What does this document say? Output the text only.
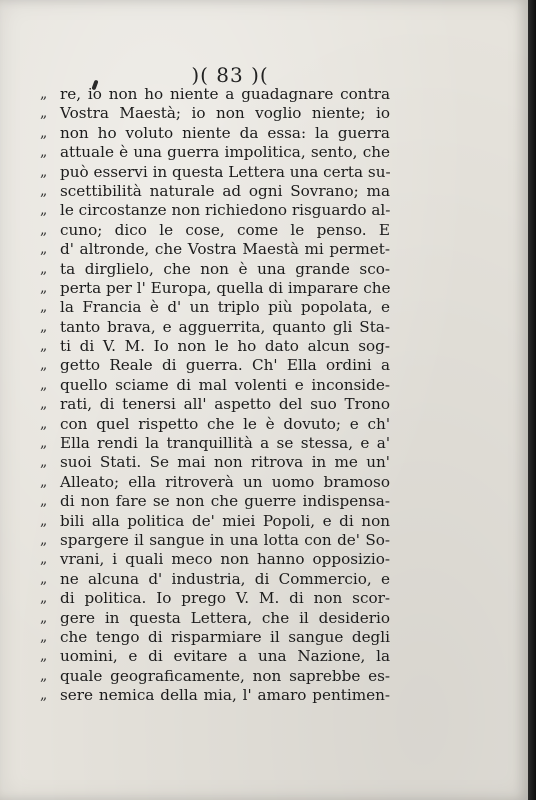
)( 83 )(
„ re, io non ho niente a guadagnare contra
„ Vostra Maestà; io non voglio niente; io
„ non ho voluto niente da essa: la guerra
„ attuale è una guerra impolitica, sento, che
„ può esservi in questa Lettera una certa su-
„ scettibilità naturale ad ogni Sovrano; ma
„ le circostanze non richiedono risguardo al-
„ cuno; dico le cose, come le penso. E
„ d' altronde, che Vostra Maestà mi permet-
„ ta dirglielo, che non è una grande sco-
„ perta per l' Europa, quella di imparare che
„ la Francia è d' un triplo più popolata, e
„ tanto brava, e agguerrita, quanto gli Sta-
„ ti di V. M. Io non le ho dato alcun sog-
„ getto Reale di guerra. Ch' Ella ordini a
„ quello sciame di mal volenti e inconside-
„ rati, di tenersi all' aspetto del suo Trono
„ con quel rispetto che le è dovuto; e ch'
„ Ella rendi la tranquillità a se stessa, e a'
„ suoi Stati. Se mai non ritrova in me un'
„ Alleato; ella ritroverà un uomo bramoso
„ di non fare se non che guerre indispensa-
„ bili alla politica de' miei Popoli, e di non
„ spargere il sangue in una lotta con de' So-
„ vrani, i quali meco non hanno opposizio-
„ ne alcuna d' industria, di Commercio, e
„ di politica. Io prego V. M. di non scor-
„ gere in questa Lettera, che il desiderio
„ che tengo di risparmiare il sangue degli
„ uomini, e di evitare a una Nazione, la
„ quale geograficamente, non saprebbe es-
„ sere nemica della mia, l' amaro pentimen-
